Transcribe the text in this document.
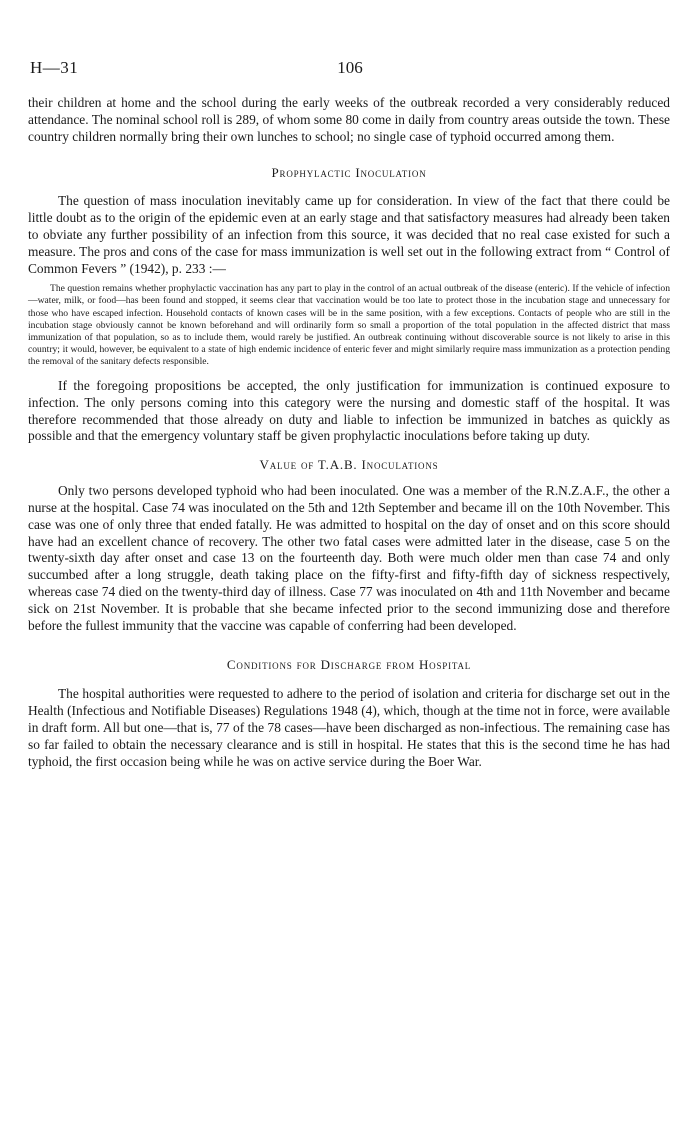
H—31	106

their children at home and the school during the early weeks of the outbreak recorded a very considerably reduced attendance. The nominal school roll is 289, of whom some 80 come in daily from country areas outside the town. These country children normally bring their own lunches to school; no single case of typhoid occurred among them.

Prophylactic Inoculation

The question of mass inoculation inevitably came up for consideration. In view of the fact that there could be little doubt as to the origin of the epidemic even at an early stage and that satisfactory measures had already been taken to obviate any further possibility of an infection from this source, it was decided that no real case existed for such a measure. The pros and cons of the case for mass immunization is well set out in the following extract from “ Control of Common Fevers ” (1942), p. 233 :—

The question remains whether prophylactic vaccination has any part to play in the control of an actual outbreak of the disease (enteric). If the vehicle of infection—water, milk, or food—has been found and stopped, it seems clear that vaccination would be too late to protect those in the incubation stage and unnecessary for those who have escaped infection. Household contacts of known cases will be in the same position, with a few exceptions. Contacts of people who are still in the incubation stage obviously cannot be known beforehand and will ordinarily form so small a proportion of the total population in the affected district that mass immunization of that population, so as to include them, would rarely be justified. An outbreak continuing without discoverable source is not likely to arise in this country; it would, however, be equivalent to a state of high endemic incidence of enteric fever and might similarly require mass immunization as a protection pending the removal of the sanitary defects responsible.

If the foregoing propositions be accepted, the only justification for immunization is continued exposure to infection. The only persons coming into this category were the nursing and domestic staff of the hospital. It was therefore recommended that those already on duty and liable to infection be immunized in batches as quickly as possible and that the emergency voluntary staff be given prophylactic inoculations before taking up duty.

Value of T.A.B. Inoculations

Only two persons developed typhoid who had been inoculated. One was a member of the R.N.Z.A.F., the other a nurse at the hospital. Case 74 was inoculated on the 5th and 12th September and became ill on the 10th November. This case was one of only three that ended fatally. He was admitted to hospital on the day of onset and on this score should have had an excellent chance of recovery. The other two fatal cases were admitted later in the disease, case 5 on the twenty-sixth day after onset and case 13 on the fourteenth day. Both were much older men than case 74 and only succumbed after a long struggle, death taking place on the fifty-first and fifty-fifth day of sickness respectively, whereas case 74 died on the twenty-third day of illness. Case 77 was inoculated on 4th and 11th November and became sick on 21st November. It is probable that she became infected prior to the second immunizing dose and therefore before the fullest immunity that the vaccine was capable of conferring had been developed.

Conditions for Discharge from Hospital

The hospital authorities were requested to adhere to the period of isolation and criteria for discharge set out in the Health (Infectious and Notifiable Diseases) Regulations 1948 (4), which, though at the time not in force, were available in draft form. All but one—that is, 77 of the 78 cases—have been discharged as non-infectious. The remaining case has so far failed to obtain the necessary clearance and is still in hospital. He states that this is the second time he has had typhoid, the first occasion being while he was on active service during the Boer War.
